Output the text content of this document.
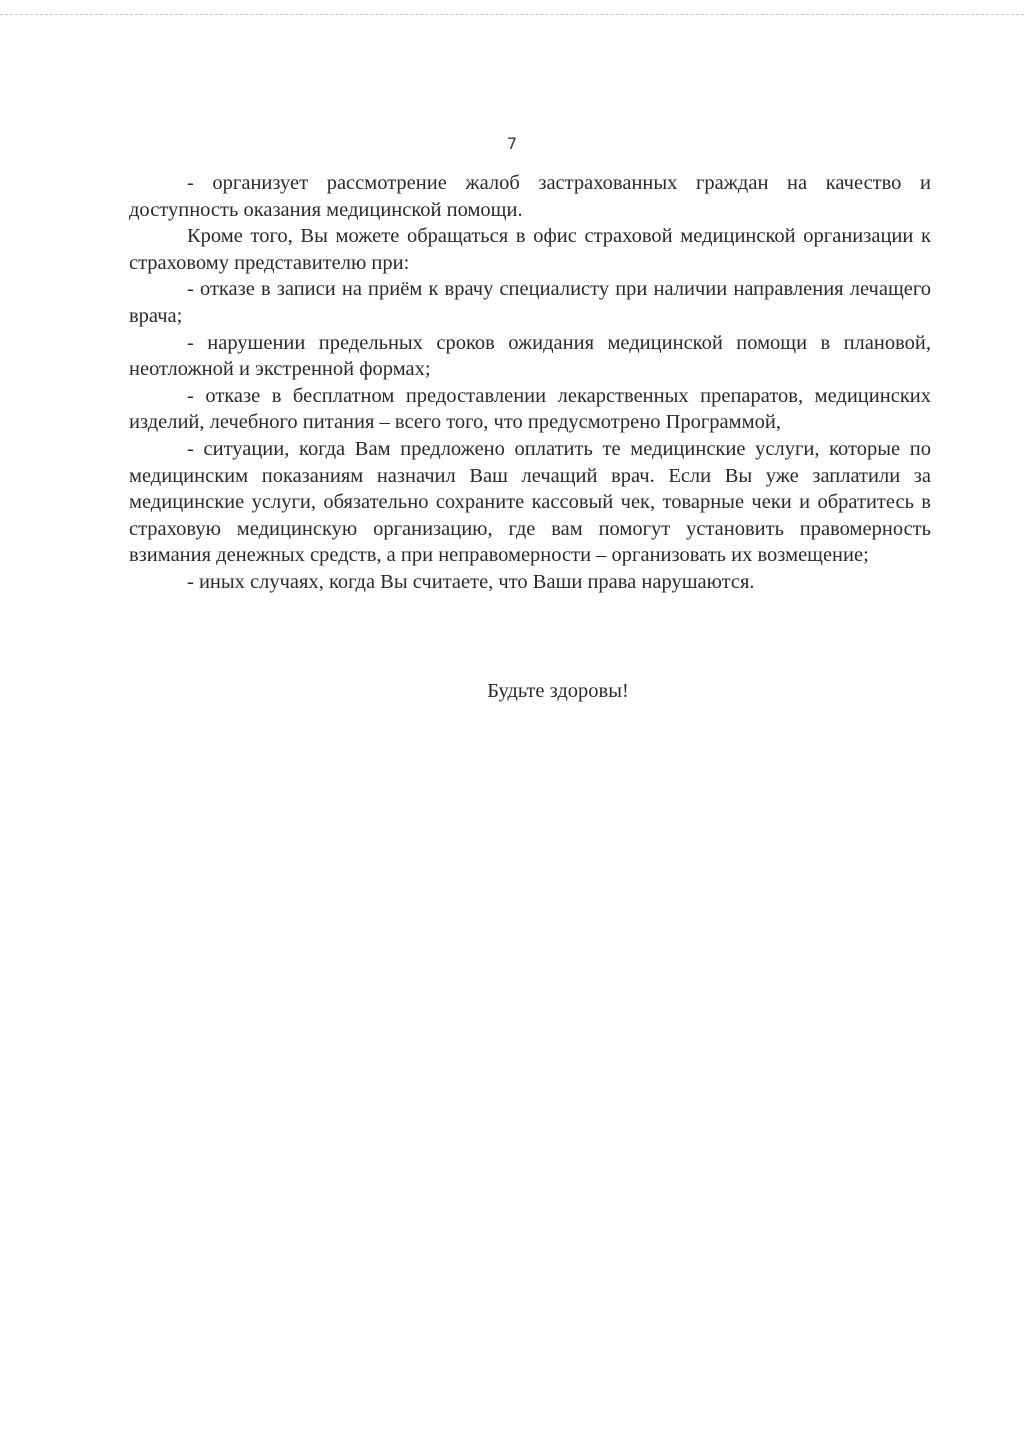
7

- организует рассмотрение жалоб застрахованных граждан на качество и доступность оказания медицинской помощи.

Кроме того, Вы можете обращаться в офис страховой медицинской организации к страховому представителю при:

- отказе в записи на приём к врачу специалисту при наличии направления лечащего врача;

- нарушении предельных сроков ожидания медицинской помощи в плановой, неотложной и экстренной формах;

- отказе в бесплатном предоставлении лекарственных препаратов, медицинских изделий, лечебного питания – всего того, что предусмотрено Программой,

- ситуации, когда Вам предложено оплатить те медицинские услуги, которые по медицинским показаниям назначил Ваш лечащий врач. Если Вы уже заплатили за медицинские услуги, обязательно сохраните кассовый чек, товарные чеки и обратитесь в страховую медицинскую организацию, где вам помогут установить правомерность взимания денежных средств, а при неправомерности – организовать их возмещение;

- иных случаях, когда Вы считаете, что Ваши права нарушаются.

Будьте здоровы!
